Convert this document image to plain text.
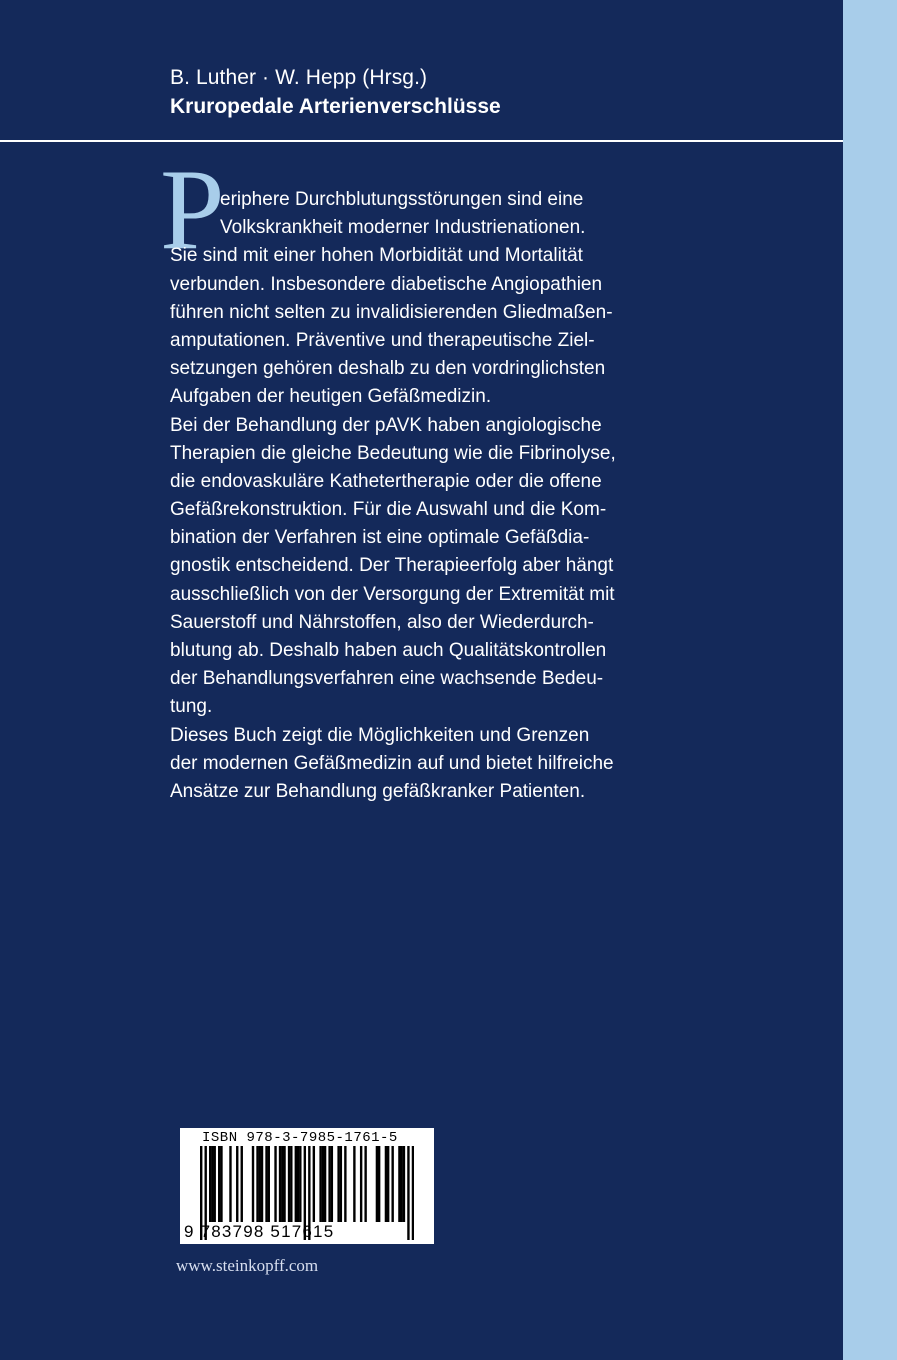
B. Luther · W. Hepp (Hrsg.)
Kruropedale Arterienverschlüsse
P
eriphere Durchblutungsstörungen sind eine
Volkskrankheit moderner Industrienationen.
Sie sind mit einer hohen Morbidität und Mortalität
verbunden. Insbesondere diabetische Angiopathien
führen nicht selten zu invalidisierenden Gliedmaßen-
amputationen. Präventive und therapeutische Ziel-
setzungen gehören deshalb zu den vordringlichsten
Aufgaben der heutigen Gefäßmedizin.
Bei der Behandlung der pAVK haben angiologische
Therapien die gleiche Bedeutung wie die Fibrinolyse,
die endovaskuläre Kathetertherapie oder die offene
Gefäßrekonstruktion. Für die Auswahl und die Kom-
bination der Verfahren ist eine optimale Gefäßdia-
gnostik entscheidend. Der Therapieerfolg aber hängt
ausschließlich von der Versorgung der Extremität mit
Sauerstoff und Nährstoffen, also der Wiederdurch-
blutung ab. Deshalb haben auch Qualitätskontrollen
der Behandlungsverfahren eine wachsende Bedeu-
tung.
Dieses Buch zeigt die Möglichkeiten und Grenzen
der modernen Gefäßmedizin auf und bietet hilfreiche
Ansätze zur Behandlung gefäßkranker Patienten.
ISBN 978-3-7985-1761-5
9 783798 517615
www.steinkopff.com
